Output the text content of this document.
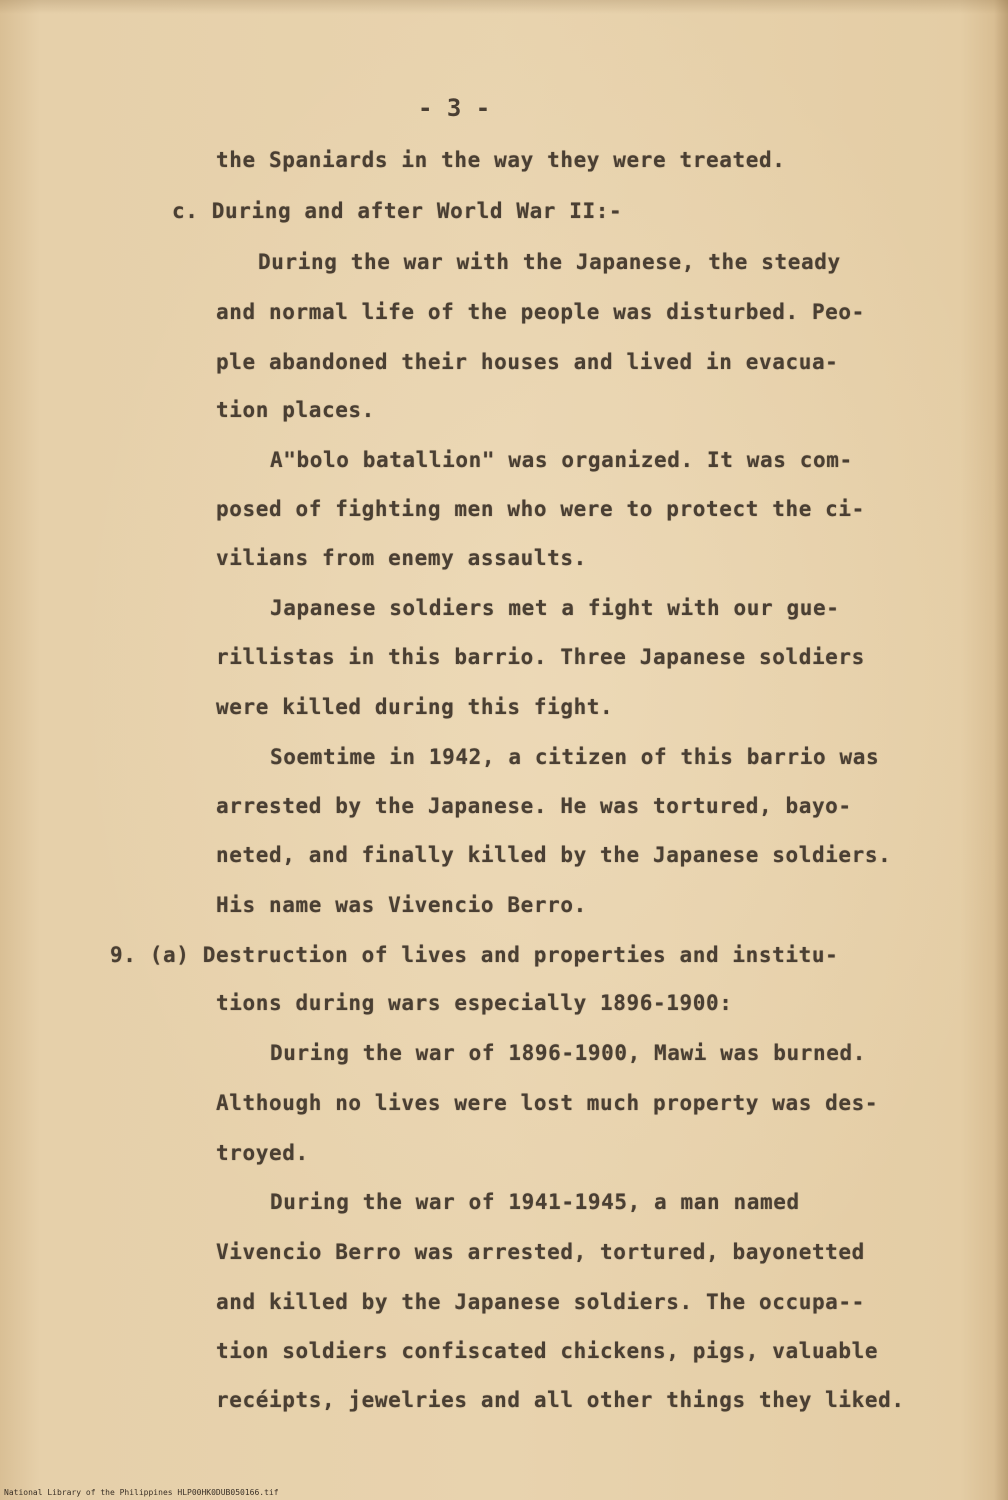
- 3 -
the Spaniards in the way they were treated.
c. During and after World War II:-
During the war with the Japanese, the steady
and normal life of the people was disturbed. Peo-
ple abandoned their houses and lived in evacua-
tion places.
A"bolo batallion" was organized. It was com-
posed of fighting men who were to protect the ci-
vilians from enemy assaults.
Japanese soldiers met a fight with our gue-
rillistas in this barrio. Three Japanese soldiers
were killed during this fight.
Soemtime in 1942, a citizen of this barrio was
arrested by the Japanese. He was tortured, bayo-
neted, and finally killed by the Japanese soldiers.
His name was Vivencio Berro.
9. (a) Destruction of lives and properties and institu-
tions during wars especially 1896-1900:
During the war of 1896-1900, Mawi was burned.
Although no lives were lost much property was des-
troyed.
During the war of 1941-1945, a man named
Vivencio Berro was arrested, tortured, bayonetted
and killed by the Japanese soldiers. The occupa--
tion soldiers confiscated chickens, pigs, valuable
recéipts, jewelries and all other things they liked.
National Library of the Philippines HLP00HK0DUB050166.tif
